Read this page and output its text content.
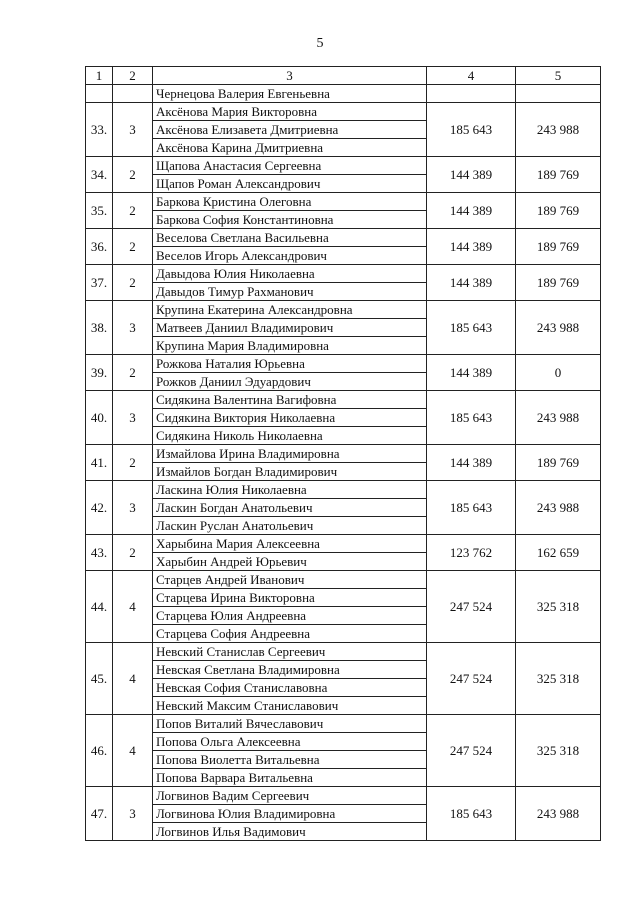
5
1	2	3	4	5
		Чернецова Валерия Евгеньевна		
33.	3	Аксёнова Мария Викторовна	185 643	243 988
		Аксёнова Елизавета Дмитриевна		
		Аксёнова Карина Дмитриевна		
34.	2	Щапова Анастасия Сергеевна	144 389	189 769
		Щапов Роман Александрович		
35.	2	Баркова Кристина Олеговна	144 389	189 769
		Баркова София Константиновна		
36.	2	Веселова Светлана Васильевна	144 389	189 769
		Веселов Игорь Александрович		
37.	2	Давыдова Юлия Николаевна	144 389	189 769
		Давыдов Тимур Рахманович		
38.	3	Крупина Екатерина Александровна	185 643	243 988
		Матвеев Даниил Владимирович		
		Крупина Мария Владимировна		
39.	2	Рожкова Наталия Юрьевна	144 389	0
		Рожков Даниил Эдуардович		
40.	3	Сидякина Валентина Вагифовна	185 643	243 988
		Сидякина Виктория Николаевна		
		Сидякина Николь Николаевна		
41.	2	Измайлова Ирина Владимировна	144 389	189 769
		Измайлов Богдан Владимирович		
42.	3	Ласкина Юлия Николаевна	185 643	243 988
		Ласкин Богдан Анатольевич		
		Ласкин Руслан Анатольевич		
43.	2	Харыбина Мария Алексеевна	123 762	162 659
		Харыбин Андрей Юрьевич		
44.	4	Старцев Андрей Иванович	247 524	325 318
		Старцева Ирина Викторовна		
		Старцева Юлия Андреевна		
		Старцева София Андреевна		
45.	4	Невский Станислав Сергеевич	247 524	325 318
		Невская Светлана Владимировна		
		Невская София Станиславовна		
		Невский Максим Станиславович		
46.	4	Попов Виталий Вячеславович	247 524	325 318
		Попова Ольга Алексеевна		
		Попова Виолетта Витальевна		
		Попова Варвара Витальевна		
47.	3	Логвинов Вадим Сергеевич	185 643	243 988
		Логвинова Юлия Владимировна		
		Логвинов Илья Вадимович		
